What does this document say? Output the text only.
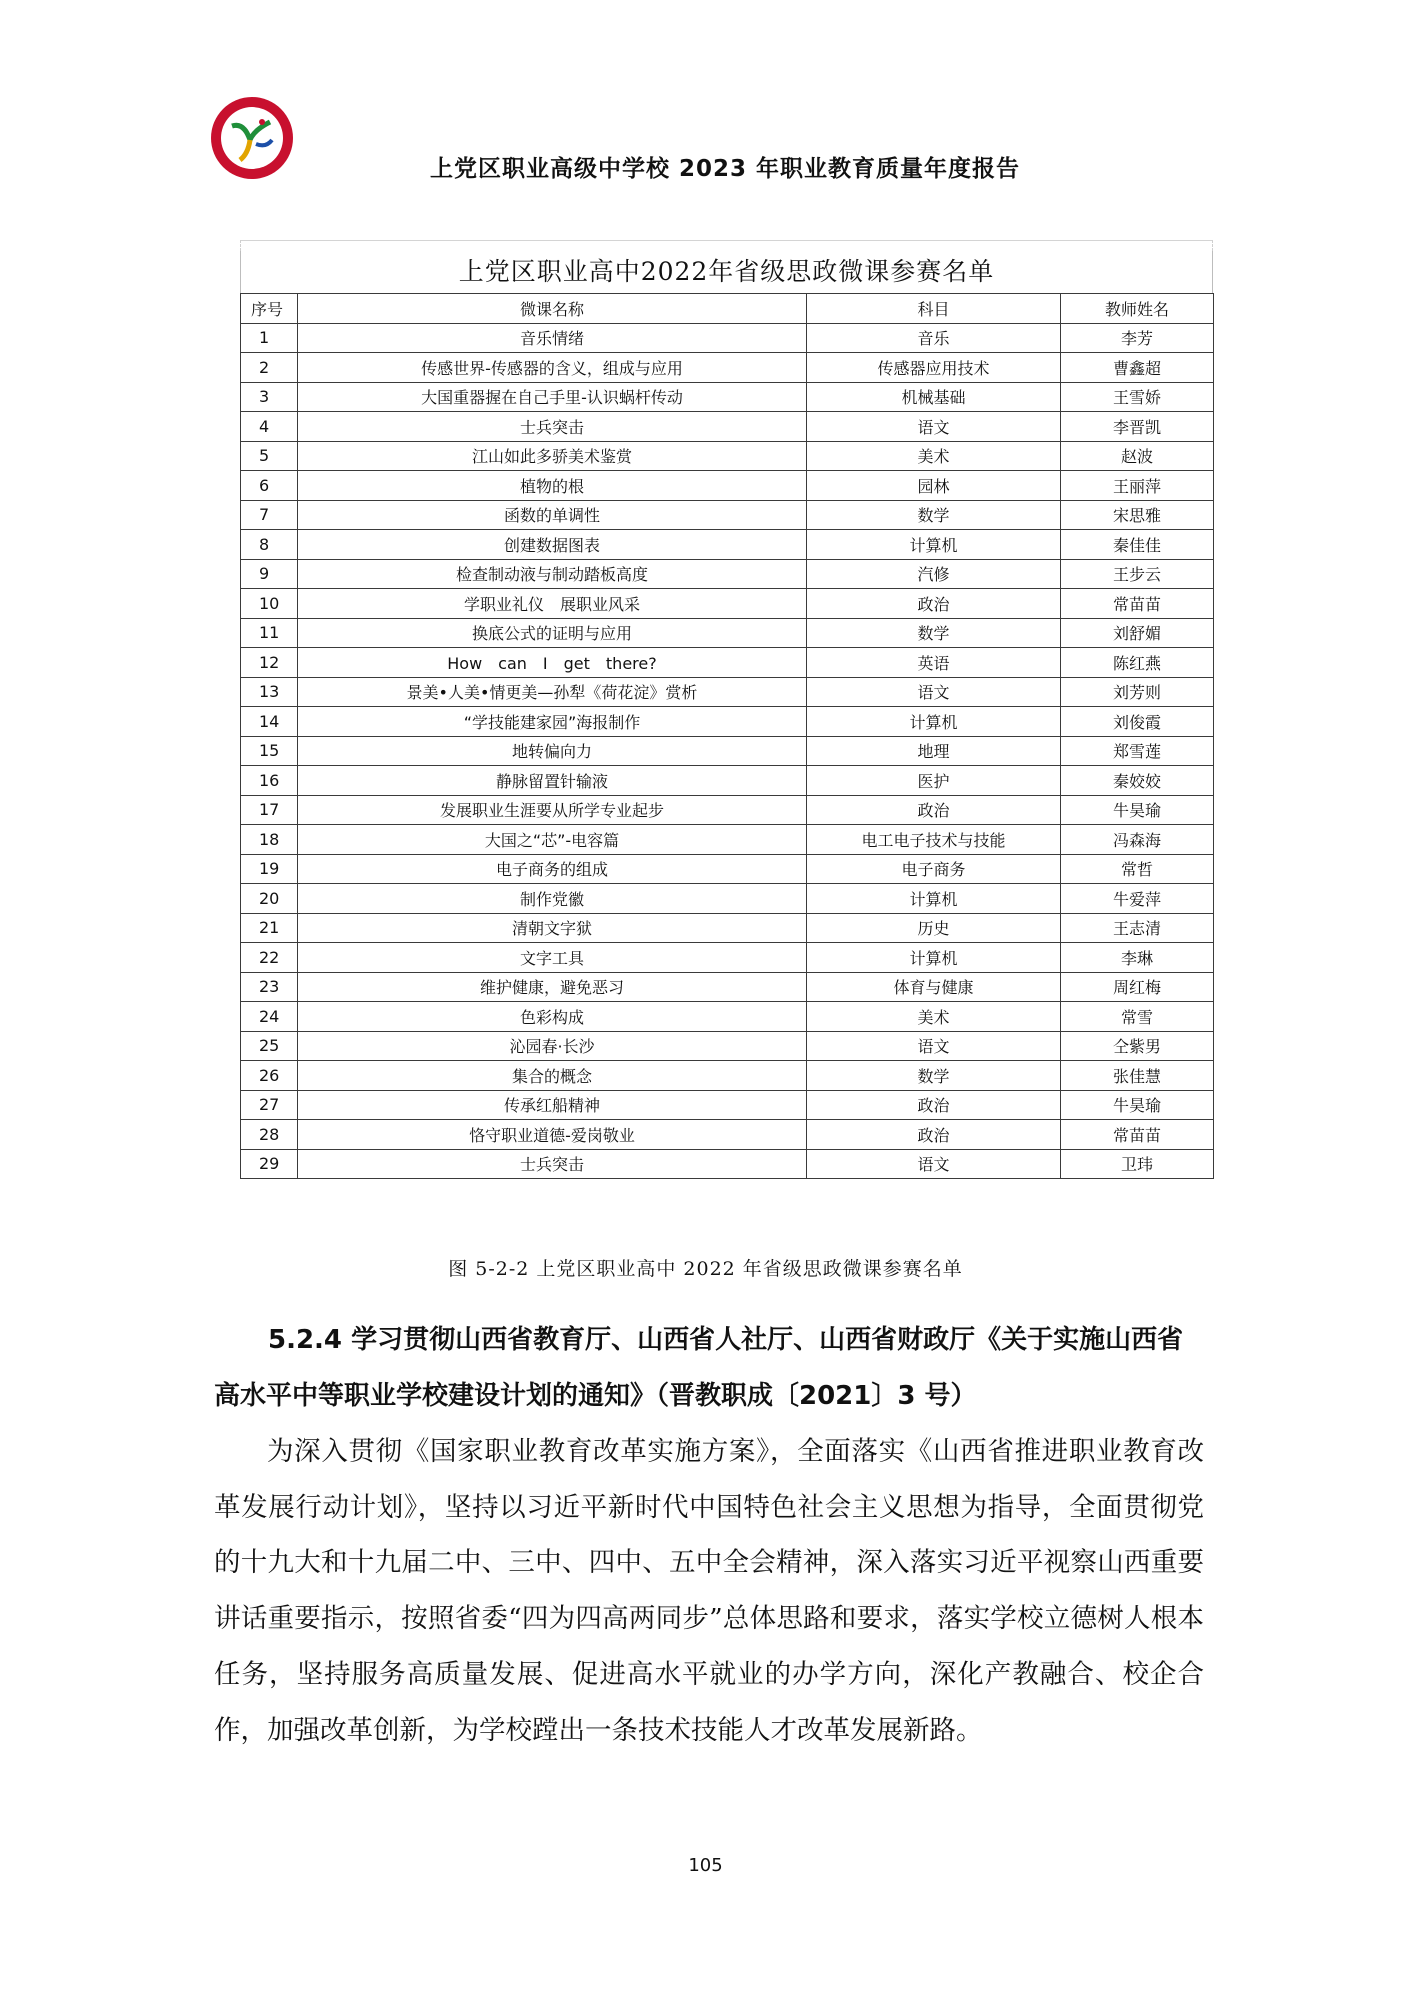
上党区职业高级中学校 2023 年职业教育质量年度报告
上党区职业高中2022年省级思政微课参赛名单
序号	微课名称	科目	教师姓名
1	音乐情绪	音乐	李芳
2	传感世界-传感器的含义，组成与应用	传感器应用技术	曹鑫超
3	大国重器握在自己手里-认识蜗杆传动	机械基础	王雪娇
4	士兵突击	语文	李晋凯
5	江山如此多骄美术鉴赏	美术	赵波
6	植物的根	园林	王丽萍
7	函数的单调性	数学	宋思雅
8	创建数据图表	计算机	秦佳佳
9	检查制动液与制动踏板高度	汽修	王步云
10	学职业礼仪　展职业风采	政治	常苗苗
11	换底公式的证明与应用	数学	刘舒媚
12	How　can　I　get　there?	英语	陈红燕
13	景美•人美•情更美—孙犁《荷花淀》赏析	语文	刘芳则
14	“学技能建家园”海报制作	计算机	刘俊霞
15	地转偏向力	地理	郑雪莲
16	静脉留置针输液	医护	秦姣姣
17	发展职业生涯要从所学专业起步	政治	牛昊瑜
18	大国之“芯”-电容篇	电工电子技术与技能	冯森海
19	电子商务的组成	电子商务	常哲
20	制作党徽	计算机	牛爱萍
21	清朝文字狱	历史	王志清
22	文字工具	计算机	李琳
23	维护健康，避免恶习	体育与健康	周红梅
24	色彩构成	美术	常雪
25	沁园春·长沙	语文	仝紫男
26	集合的概念	数学	张佳慧
27	传承红船精神	政治	牛昊瑜
28	恪守职业道德-爱岗敬业	政治	常苗苗
29	士兵突击	语文	卫玮
图 5-2-2 上党区职业高中 2022 年省级思政微课参赛名单
5.2.4 学习贯彻山西省教育厅、山西省人社厅、山西省财政厅《关于实施山西省高水平中等职业学校建设计划的通知》（晋教职成〔2021〕3 号）

为深入贯彻《国家职业教育改革实施方案》，全面落实《山西省推进职业教育改革发展行动计划》，坚持以习近平新时代中国特色社会主义思想为指导，全面贯彻党的十九大和十九届二中、三中、四中、五中全会精神，深入落实习近平视察山西重要讲话重要指示，按照省委“四为四高两同步”总体思路和要求，落实学校立德树人根本任务，坚持服务高质量发展、促进高水平就业的办学方向，深化产教融合、校企合作，加强改革创新，为学校蹚出一条技术技能人才改革发展新路。

105
